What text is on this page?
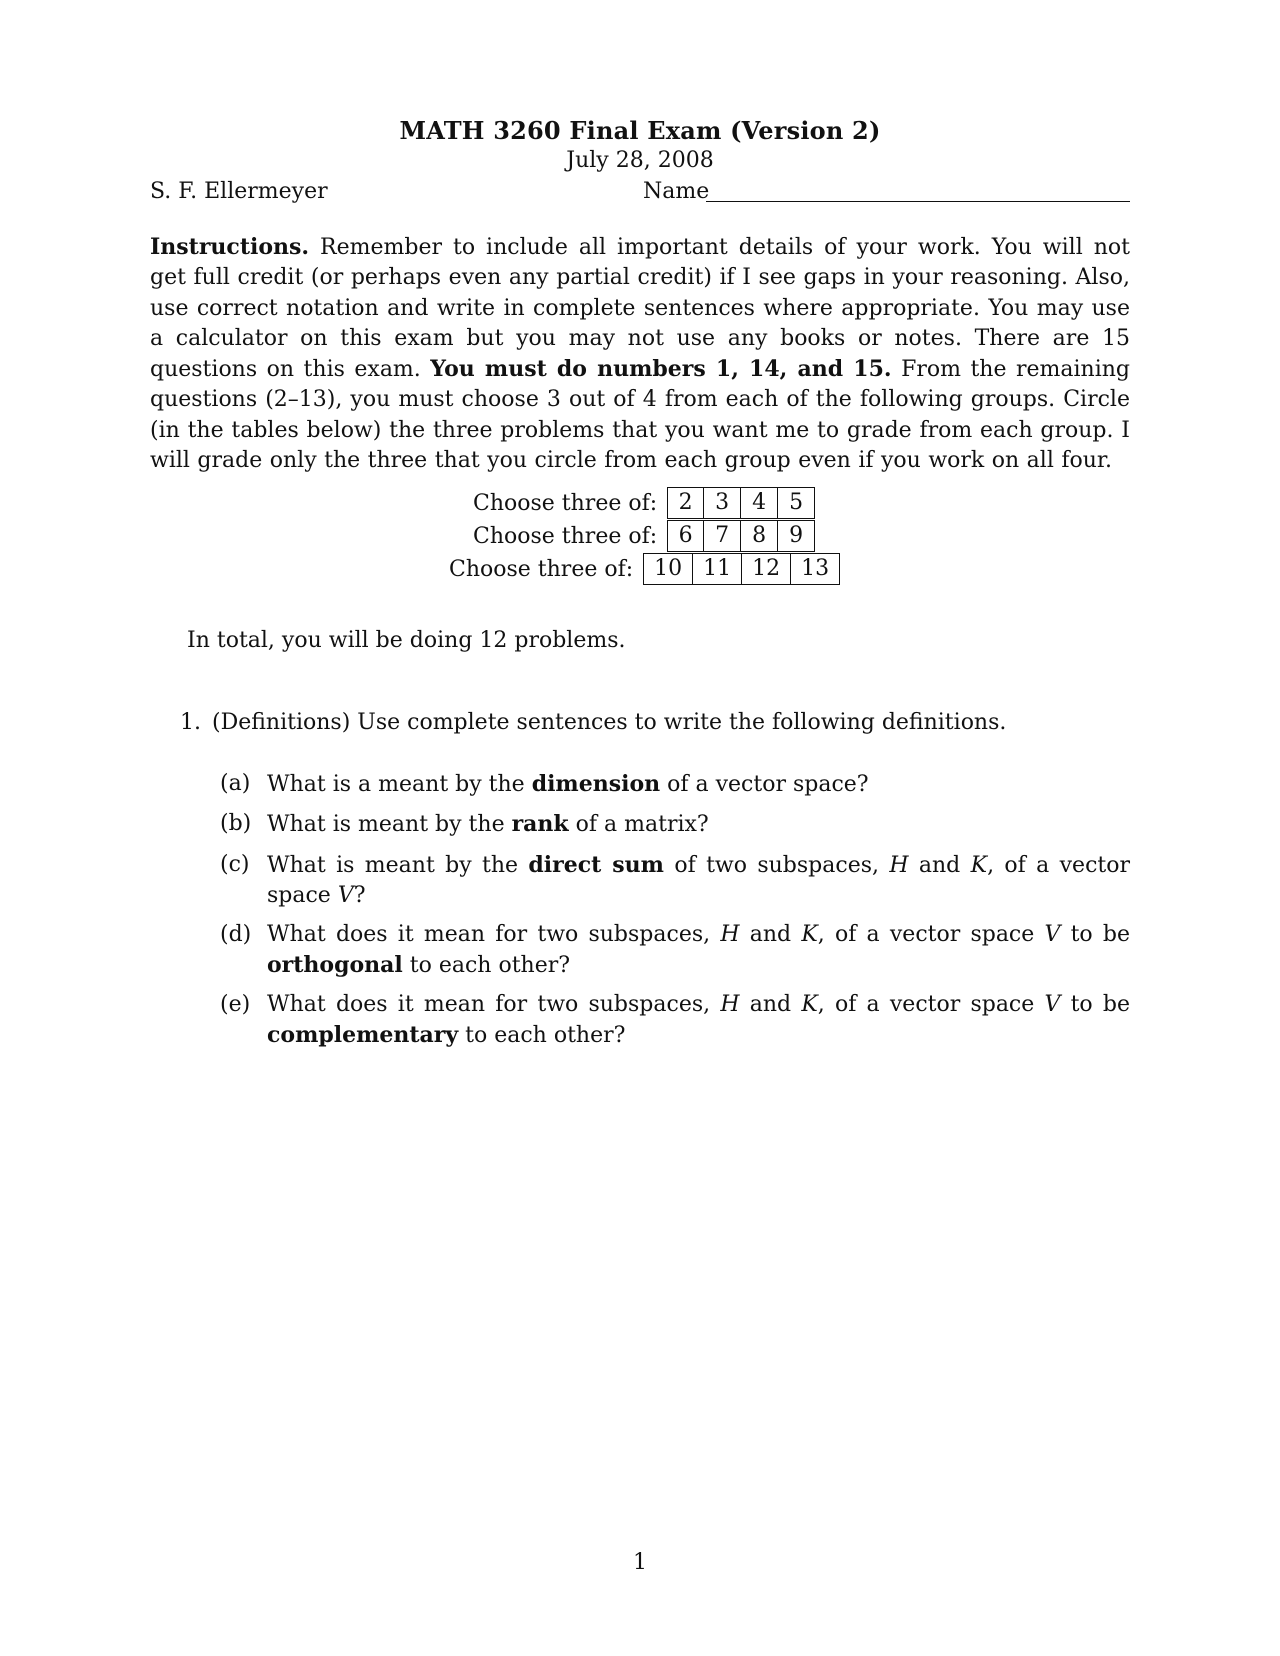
MATH 3260 Final Exam (Version 2)
July 28, 2008
S. F. Ellermeyer	Name
Instructions. Remember to include all important details of your work. You will not get full credit (or perhaps even any partial credit) if I see gaps in your reasoning. Also, use correct notation and write in complete sentences where appropriate. You may use a calculator on this exam but you may not use any books or notes. There are 15 questions on this exam. You must do numbers 1, 14, and 15. From the remaining questions (2–13), you must choose 3 out of 4 from each of the following groups. Circle (in the tables below) the three problems that you want me to grade from each group. I will grade only the three that you circle from each group even if you work on all four.
Choose three of: 2	3	4	5
Choose three of: 6	7	8	9
Choose three of: 10 11 12 13
In total, you will be doing 12 problems.
1. (Definitions) Use complete sentences to write the following definitions.
(a) What is a meant by the dimension of a vector space?
(b) What is meant by the rank of a matrix?
(c) What is meant by the direct sum of two subspaces, H and K, of a vector space V?
(d) What does it mean for two subspaces, H and K, of a vector space V to be orthogonal to each other?
(e) What does it mean for two subspaces, H and K, of a vector space V to be complementary to each other?
1
